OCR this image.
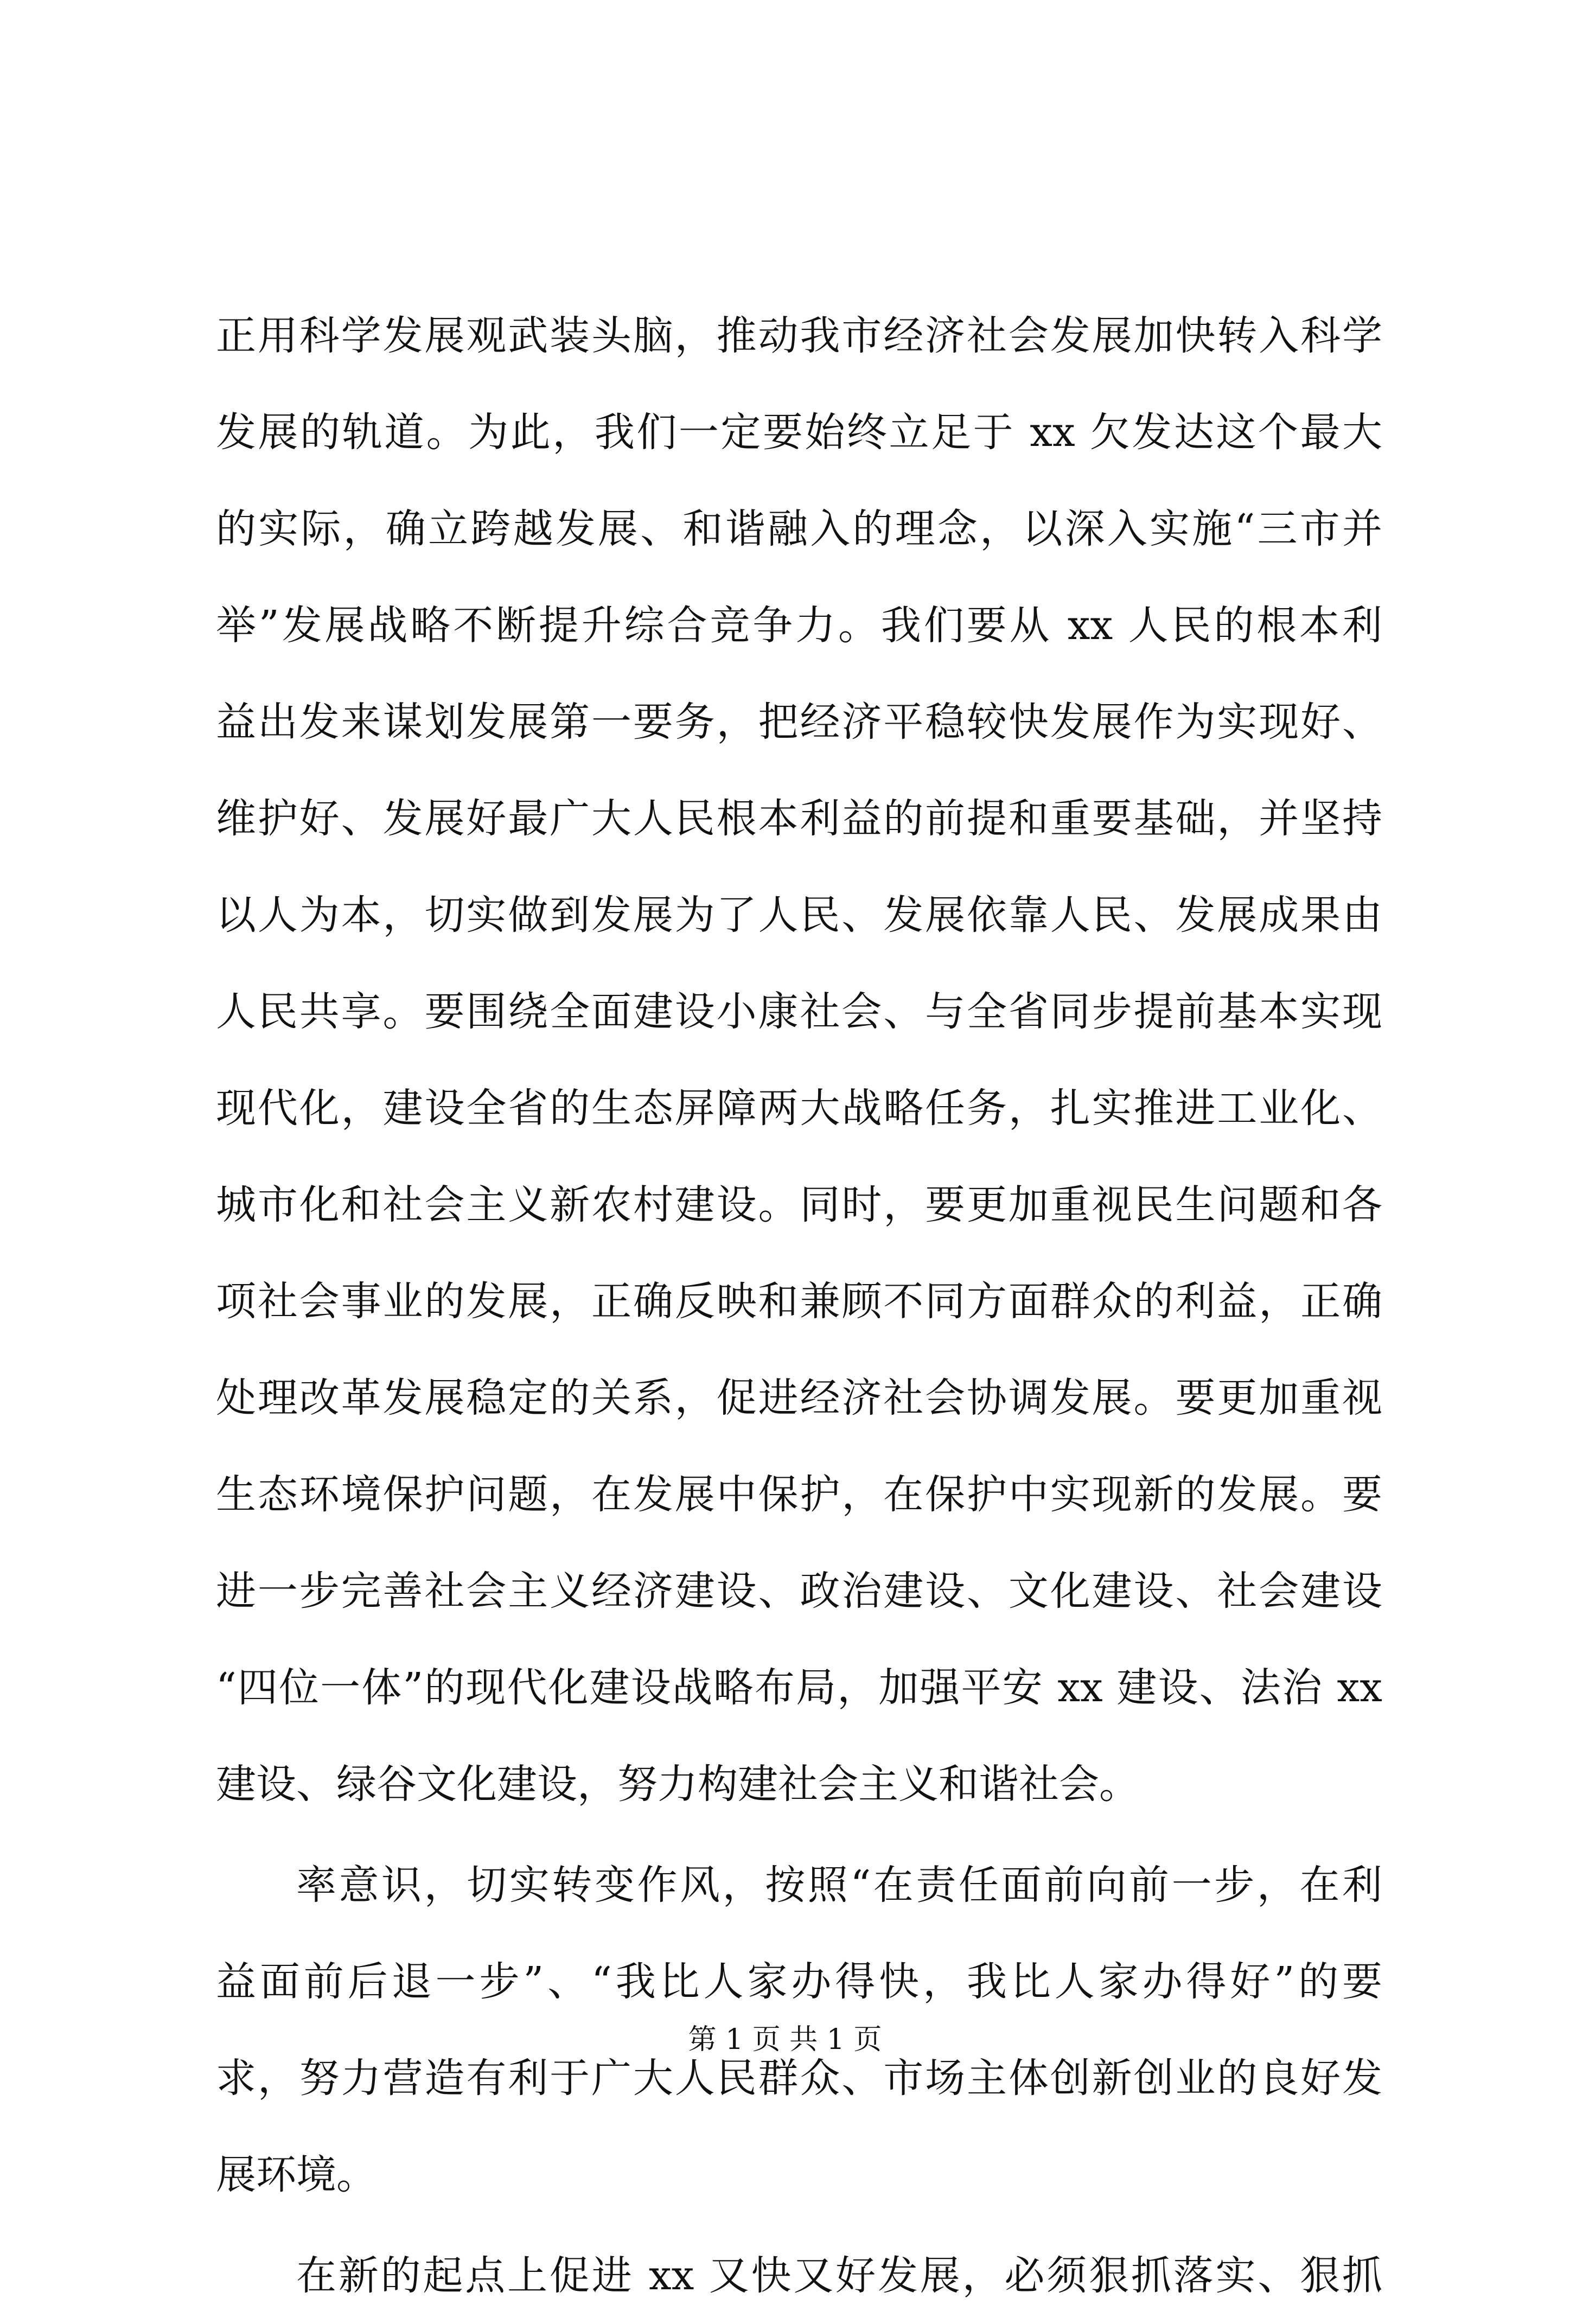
正用科学发展观武装头脑，推动我市经济社会发展加快转入科学
发展的轨道。为此，我们一定要始终立足于 xx 欠发达这个最大
的实际，确立跨越发展、和谐融入的理念，以深入实施“三市并
举”发展战略不断提升综合竞争力。我们要从 xx 人民的根本利
益出发来谋划发展第一要务，把经济平稳较快发展作为实现好、
维护好、发展好最广大人民根本利益的前提和重要基础，并坚持
以人为本，切实做到发展为了人民、发展依靠人民、发展成果由
人民共享。要围绕全面建设小康社会、与全省同步提前基本实现
现代化，建设全省的生态屏障两大战略任务，扎实推进工业化、
城市化和社会主义新农村建设。同时，要更加重视民生问题和各
项社会事业的发展，正确反映和兼顾不同方面群众的利益，正确
处理改革发展稳定的关系，促进经济社会协调发展。要更加重视
生态环境保护问题，在发展中保护，在保护中实现新的发展。要
进一步完善社会主义经济建设、政治建设、文化建设、社会建设
“四位一体”的现代化建设战略布局，加强平安 xx 建设、法治 xx
建设、绿谷文化建设，努力构建社会主义和谐社会。
率意识，切实转变作风，按照“在责任面前向前一步，在利
益面前后退一步”、“我比人家办得快，我比人家办得好”的要
求，努力营造有利于广大人民群众、市场主体创新创业的良好发
展环境。
在新的起点上促进 xx 又快又好发展，必须狠抓落实、狠抓
第 1 页 共 1 页
